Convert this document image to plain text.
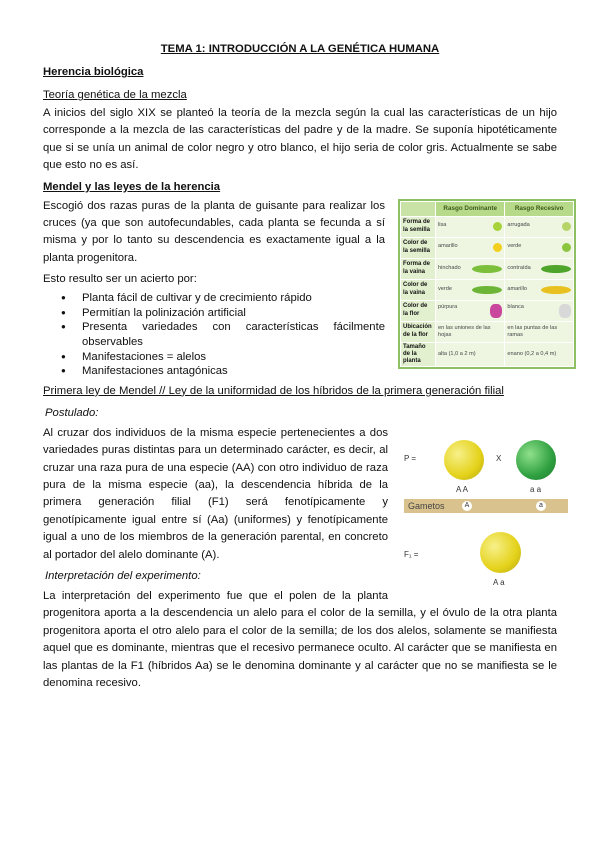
TEMA 1: INTRODUCCIÓN A LA GENÉTICA HUMANA
Herencia biológica
Teoría genética de la mezcla

A inicios del siglo XIX se planteó la teoría de la mezcla según la cual las características de un hijo corresponde a la mezcla de las características del padre y de la madre. Se suponía hipotéticamente que si se unía un animal de color negro y otro blanco, el hijo seria de color gris. Actualmente se sabe que esto no es así.

Mendel y las leyes de la herencia
	Rasgo Dominante	Rasgo Recesivo
Forma de la semilla	lisa	arrugada
Color de la semilla	amarillo	verde
Forma de la vaina	hinchado	contraída
Color de la vaina	verde	amarillo
Color de la flor	púrpura	blanca
Ubicación de la flor	en las uniones de las hojas	en las puntas de las ramas
Tamaño de la planta	alta (1,0 a 2 m)	enano (0,2 a 0,4 m)

Escogió dos razas puras de la planta de guisante para realizar los cruces (ya que son autofecundables, cada planta se fecunda a sí misma y por lo tanto su descendencia es exactamente igual a la planta progenitora.

Esto resulto ser un acierto por:
● Planta fácil de cultivar y de crecimiento rápido
● Permitían la polinización artificial
● Presenta variedades con características fácilmente observables
● Manifestaciones = alelos
● Manifestaciones antagónicas
Primera ley de Mendel // Ley de la uniformidad de los híbridos de la primera generación filial
Postulado:
P =	X
A A	a a
Gametos	A	a
F₁ =
A a

Al cruzar dos individuos de la misma especie pertenecientes a dos variedades puras distintas para un determinado carácter, es decir, al cruzar una raza pura de una especie (AA) con otro individuo de raza pura de la misma especie (aa), la descendencia híbrida de la primera generación filial (F1) será fenotípicamente y genotípicamente igual entre sí (Aa) (uniformes) y fenotípicamente igual a uno de los miembros de la generación parental, en concreto al portador del alelo dominante (A).

Interpretación del experimento:

La interpretación del experimento fue que el polen de la planta progenitora aporta a la descendencia un alelo para el color de la semilla, y el óvulo de la otra planta progenitora aporta el otro alelo para el color de la semilla; de los dos alelos, solamente se manifiesta aquel que es dominante, mientras que el recesivo permanece oculto. Al carácter que se manifiesta en las plantas de la F1 (híbridos Aa) se le denomina dominante y al carácter que no se manifiesta se le denomina recesivo.
